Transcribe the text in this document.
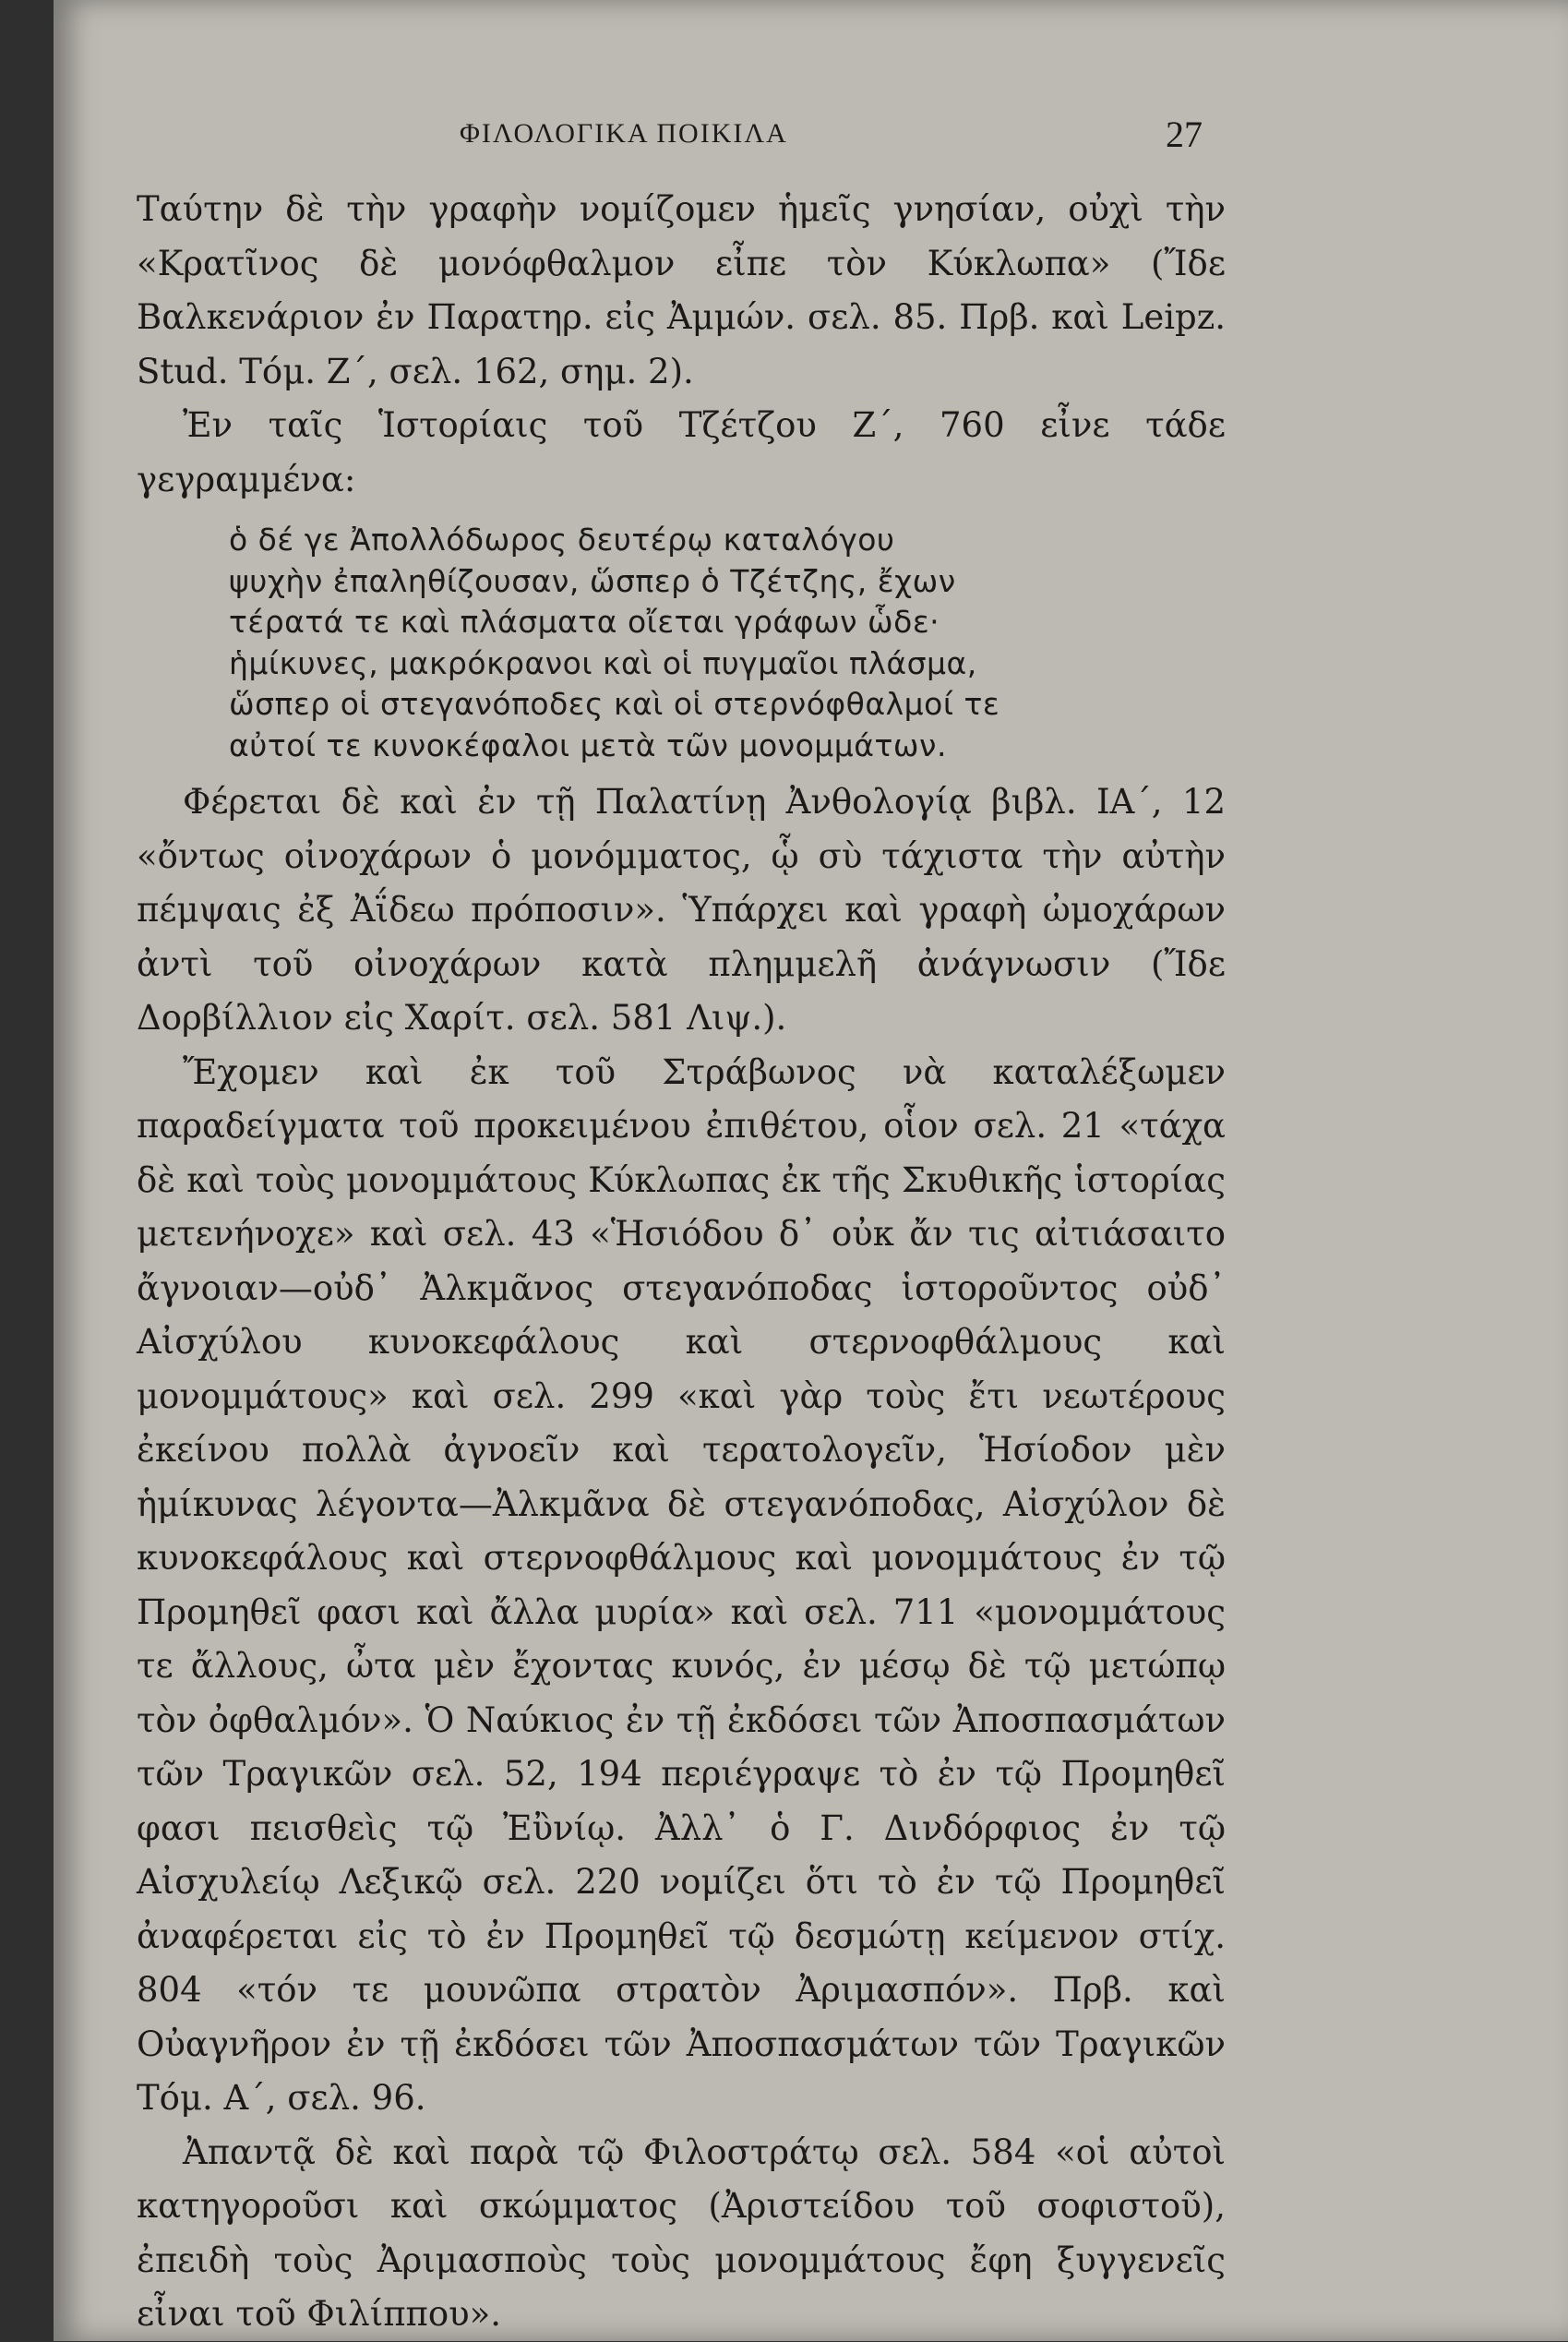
ΦΙΛΟΛΟΓΙΚΑ ΠΟΙΚΙΛΑ	27

Ταύτην δὲ τὴν γραφὴν νομίζομεν ἡμεῖς γνησίαν, οὐχὶ τὴν «Κρατῖνος δὲ μονόφθαλμον εἶπε τὸν Κύκλωπα» (Ἴδε Βαλκενάριον ἐν Παρατηρ. εἰς Ἀμμών. σελ. 85. Πρβ. καὶ Leipz. Stud. Τόμ. Ζ΄, σελ. 162, σημ. 2).

Ἐν ταῖς Ἱστορίαις τοῦ Τζέτζου Ζ΄, 760 εἶνε τάδε γεγραμμένα:

ὁ δέ γε Ἀπολλόδωρος δευτέρῳ καταλόγου
ψυχὴν ἐπαληθίζουσαν, ὥσπερ ὁ Τζέτζης, ἔχων
τέρατά τε καὶ πλάσματα οἴεται γράφων ὧδε·
ἡμίκυνες, μακρόκρανοι καὶ οἱ πυγμαῖοι πλάσμα,
ὥσπερ οἱ στεγανόποδες καὶ οἱ στερνόφθαλμοί τε
αὐτοί τε κυνοκέφαλοι μετὰ τῶν μονομμάτων.

Φέρεται δὲ καὶ ἐν τῇ Παλατίνῃ Ἀνθολογίᾳ βιβλ. ΙΑ΄, 12 «ὄντως οἰνοχάρων ὁ μονόμματος, ᾧ σὺ τάχιστα τὴν αὐτὴν πέμψαις ἐξ Ἀΐδεω πρόποσιν». Ὑπάρχει καὶ γραφὴ ὠμοχάρων ἀντὶ τοῦ οἰνοχάρων κατὰ πλημμελῆ ἀνάγνωσιν (Ἴδε Δορβίλλιον εἰς Χαρίτ. σελ. 581 Λιψ.).

Ἔχομεν καὶ ἐκ τοῦ Στράβωνος νὰ καταλέξωμεν παραδείγματα τοῦ προκειμένου ἐπιθέτου, οἷον σελ. 21 «τάχα δὲ καὶ τοὺς μονομμάτους Κύκλωπας ἐκ τῆς Σκυθικῆς ἱστορίας μετενήνοχε» καὶ σελ. 43 «Ἡσιόδου δ᾽ οὐκ ἄν τις αἰτιάσαιτο ἄγνοιαν—οὐδ᾽ Ἀλκμᾶνος στεγανόποδας ἱστοροῦντος οὐδ᾽ Αἰσχύλου κυνοκεφάλους καὶ στερνοφθάλμους καὶ μονομμάτους» καὶ σελ. 299 «καὶ γὰρ τοὺς ἔτι νεωτέρους ἐκείνου πολλὰ ἀγνοεῖν καὶ τερατολογεῖν, Ἡσίοδον μὲν ἡμίκυνας λέγοντα—Ἀλκμᾶνα δὲ στεγανόποδας, Αἰσχύλον δὲ κυνοκεφάλους καὶ στερνοφθάλμους καὶ μονομμάτους ἐν τῷ Προμηθεῖ φασι καὶ ἄλλα μυρία» καὶ σελ. 711 «μονομμάτους τε ἄλλους, ὦτα μὲν ἔχοντας κυνός, ἐν μέσῳ δὲ τῷ μετώπῳ τὸν ὀφθαλμόν». Ὁ Ναύκιος ἐν τῇ ἐκδόσει τῶν Ἀποσπασμάτων τῶν Τραγικῶν σελ. 52, 194 περιέγραψε τὸ ἐν τῷ Προμηθεῖ φασι πεισθεὶς τῷ Ἐὒνίῳ. Ἀλλ᾽ ὁ Γ. Δινδόρφιος ἐν τῷ Αἰσχυλείῳ Λεξικῷ σελ. 220 νομίζει ὅτι τὸ ἐν τῷ Προμηθεῖ ἀναφέρεται εἰς τὸ ἐν Προμηθεῖ τῷ δεσμώτῃ κείμενον στίχ. 804 «τόν τε μουνῶπα στρατὸν Ἀριμασπόν». Πρβ. καὶ Οὐαγνῆρον ἐν τῇ ἐκδόσει τῶν Ἀποσπασμάτων τῶν Τραγικῶν Τόμ. Α΄, σελ. 96.

Ἀπαντᾷ δὲ καὶ παρὰ τῷ Φιλοστράτῳ σελ. 584 «οἱ αὐτοὶ κατηγοροῦσι καὶ σκώμματος (Ἀριστείδου τοῦ σοφιστοῦ), ἐπειδὴ τοὺς Ἀριμασποὺς τοὺς μονομμάτους ἔφη ξυγγενεῖς εἶναι τοῦ Φιλίππου».
